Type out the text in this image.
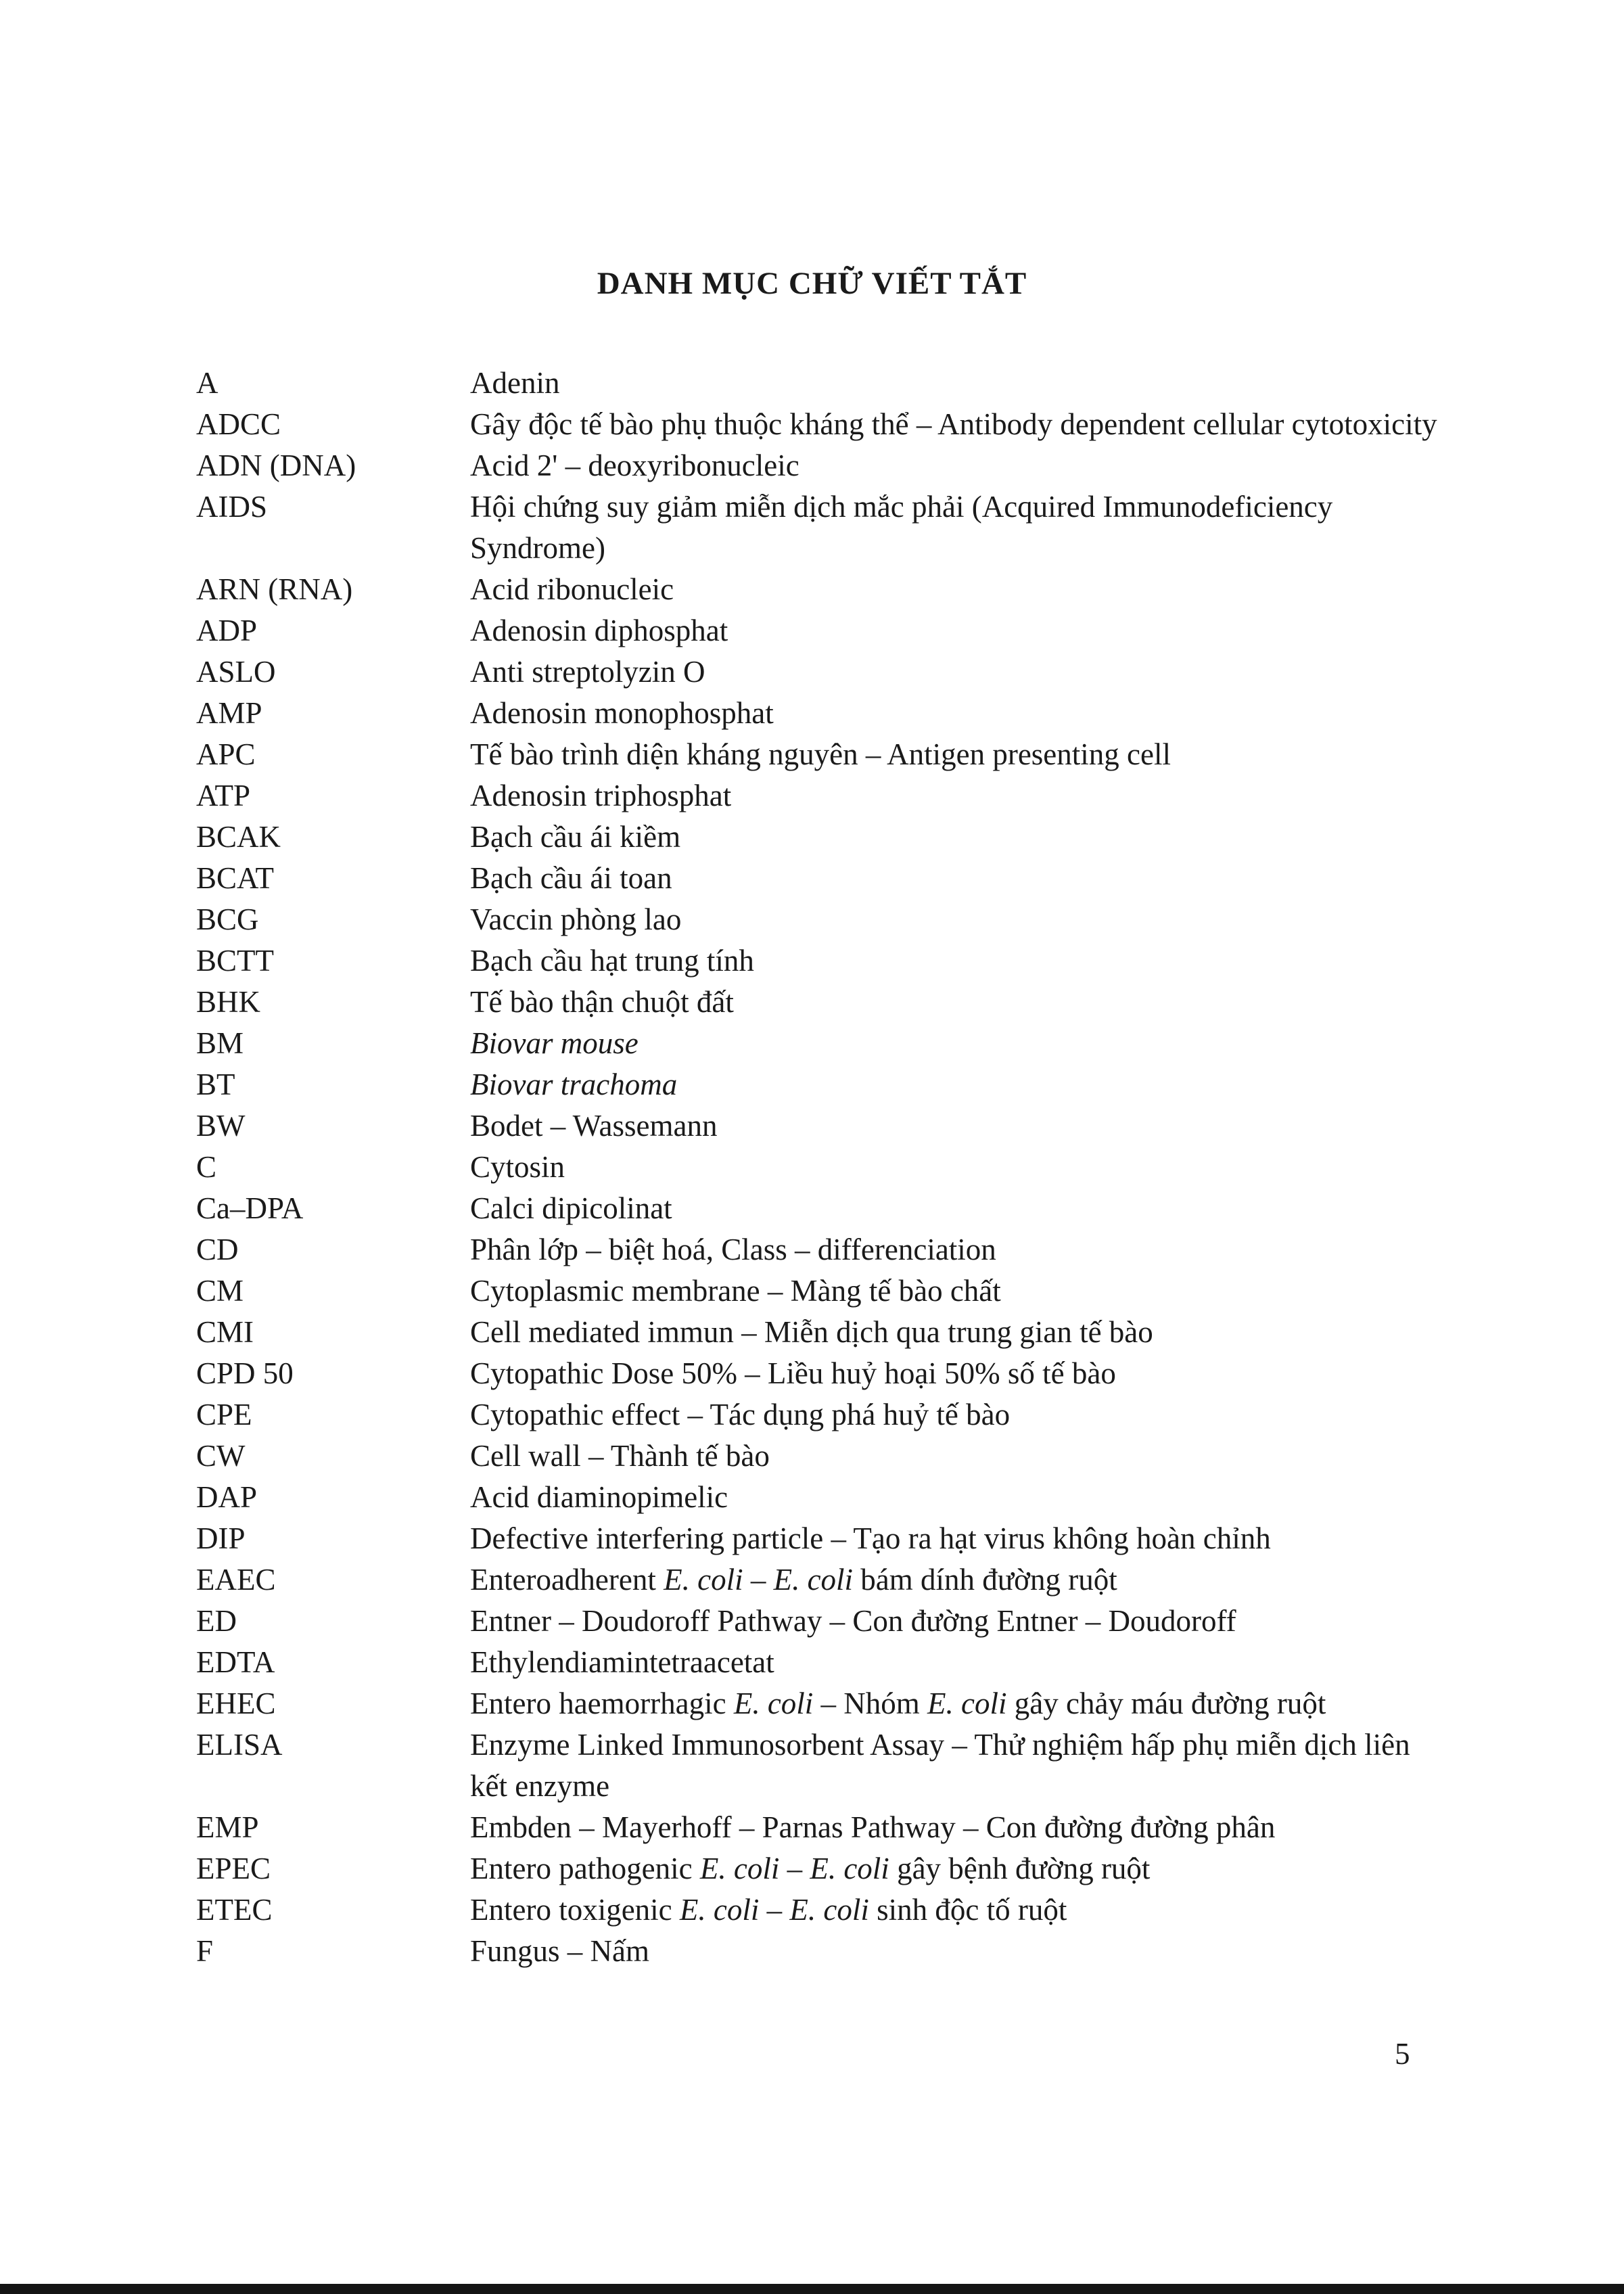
DANH MỤC CHỮ VIẾT TẮT
A	Adenin
ADCC	Gây độc tế bào phụ thuộc kháng thể – Antibody dependent cellular cytotoxicity
ADN (DNA)	Acid 2' – deoxyribonucleic
AIDS	Hội chứng suy giảm miễn dịch mắc phải (Acquired Immunodeficiency Syndrome)
ARN (RNA)	Acid ribonucleic
ADP	Adenosin diphosphat
ASLO	Anti streptolyzin O
AMP	Adenosin monophosphat
APC	Tế bào trình diện kháng nguyên – Antigen presenting cell
ATP	Adenosin triphosphat
BCAK	Bạch cầu ái kiềm
BCAT	Bạch cầu ái toan
BCG	Vaccin phòng lao
BCTT	Bạch cầu hạt trung tính
BHK	Tế bào thận chuột đất
BM	Biovar mouse
BT	Biovar trachoma
BW	Bodet – Wassemann
C	Cytosin
Ca–DPA	Calci dipicolinat
CD	Phân lớp – biệt hoá, Class – differenciation
CM	Cytoplasmic membrane – Màng tế bào chất
CMI	Cell mediated immun – Miễn dịch qua trung gian tế bào
CPD 50	Cytopathic Dose 50% – Liều huỷ hoại 50% số tế bào
CPE	Cytopathic effect – Tác dụng phá huỷ tế bào
CW	Cell wall – Thành tế bào
DAP	Acid diaminopimelic
DIP	Defective interfering particle – Tạo ra hạt virus không hoàn chỉnh
EAEC	Enteroadherent E. coli – E. coli bám dính đường ruột
ED	Entner – Doudoroff Pathway – Con đường Entner – Doudoroff
EDTA	Ethylendiamintetraacetat
EHEC	Entero haemorrhagic E. coli – Nhóm E. coli gây chảy máu đường ruột
ELISA	Enzyme Linked Immunosorbent Assay – Thử nghiệm hấp phụ miễn dịch liên kết enzyme
EMP	Embden – Mayerhoff – Parnas Pathway – Con đường đường phân
EPEC	Entero pathogenic E. coli – E. coli gây bệnh đường ruột
ETEC	Entero toxigenic E. coli – E. coli sinh độc tố ruột
F	Fungus – Nấm
5
